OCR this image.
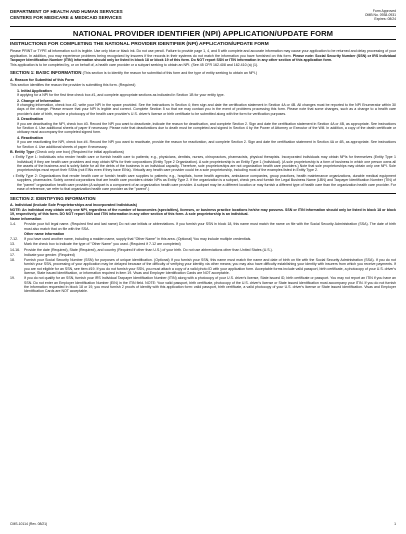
DEPARTMENT OF HEALTH AND HUMAN SERVICES
CENTERS FOR MEDICARE & MEDICAID SERVICES
Form Approved
OMB No. 0938-0931
Expires: 08/24
NATIONAL PROVIDER IDENTIFIER (NPI) APPLICATION/UPDATE FORM
INSTRUCTIONS FOR COMPLETING THE NATIONAL PROVIDER IDENTIFIER (NPI) APPLICATION/UPDATE FORM

Please PRINT or TYPE all information so it is legible. Use only blue or black ink. Do not use pencil. Failure to provide page 1, 4, and 5 with complete and accurate information may cause your application to be returned and delay processing of your application. In addition, you may experience problems being recognized by insurers if the records in their systems do not match the information you have furnished on this form. Please note: Social Security Number (SSN) or IRS Individual Taxpayer Identification Number (ITIN) information should only be listed in block 18 or block 19 of this form. Do NOT report SSN or ITIN information in any other section of this application form.

This application is to be completed by, or on behalf of, a health care provider or a subpart seeking to obtain an NPI. (See 45 CFR 162.408 and 162.410 (a) (1).

SECTION 1: BASIC INFORMATION (This section is to identify the reason for submittal of this form and the type of entity seeking to obtain an NPI.)
A. Reason for Submittal of this Form

This section identifies the reason the provider is submitting this form. (Required)

1. Initial Application

If applying for a NPI for the first time check box #1, and complete appropriate sections as indicated in Section 1B for your entity type.

2. Change of Information

If changing information, check box #2, write your NPI in the space provided. See the instructions in Section 4; then sign and date the certification statement in Section 4A or 4B. All changes must be reported to the NPI Enumerator within 30 days of the change. Please ensure that your NPI is legible and correct. Complete Section 5 so that we may contact you in the event of problems processing this form. Please note that some changes, such as a change to a health care provider's date of birth, require a photocopy of the health care provider's U.S. driver's license or birth certificate to be submitted along with the form for verification purposes.

3. Deactivation

If you are deactivating the NPI, check box #3. Record the NPI you want to deactivate, indicate the reason for deactivation, and complete Section 2. Sign and date the certification statement in Section 4A or 4B, as appropriate. See instructions for Section 4. Use additional sheets of paper if necessary. Please note that deactivations due to death must be completed and signed in Section 4 by the Power of Attorney or Executor of the Will. In addition, a copy of the death certificate or obituary must accompany the completed signed form.

4. Reactivation

If you are reactivating the NPI, check box #4. Record the NPI you want to reactivate, provide the reason for reactivation, and complete Section 2. Sign and date the certification statement in Section 4A or 4B, as appropriate. See instructions for Section 4. Use additional sheets of paper if necessary.

B. Entity Type (Check only one box) (Required for initial applications)

• Entity Type 1: Individuals who render health care or furnish health care to patients; e.g., physicians, dentists, nurses, chiropractors, pharmacists, physical therapists. Incorporated individuals may obtain NPIs for themselves (Entity Type 1 Individual) if they are health care providers and may obtain NPIs for their corporations (Entity Type 2 Organization). A sole proprietorship is an Entity Type 1 (Individual). (A sole proprietorship is a form of business in which one person owns all the assets of the business and is solely liable for all the debts of the business in an individual capacity. Therefore, sole proprietorships are not organization health care providers.) Note that sole proprietorships may obtain only one NPI. Sole proprietorships must report their SSNs (not EINs even if they have EINs). Virtually any health care provider could be a sole proprietorship, including most of the examples listed in Entity Type 2.

• Entity Type 2: Organizations that render health care or furnish health care supplies to patients; e.g., hospitals, home health agencies, ambulance companies, group practices, health maintenance organizations, durable medical equipment suppliers, pharmacies. Solely owned corporations that are health care providers obtain NPIs as Entity Type 2. If the organization is a subpart, check yes and furnish the Legal Business Name (LBN) and Taxpayer Identification Number (TIN) of the "parent" organization health care provider.(A subpart is a component of an organization health care provider. A subpart may be a different location or may furnish a different type of health care than the organization health care provider. For ease of reference, we refer to that organization health care provider as the "parent".)

SECTION 2: IDENTIFYING INFORMATION
A. Individual (Include Sole Proprietorships and Incorporated Individuals)

NOTE: An individual may obtain only one NPI, regardless of the number of taxonomies (specialties), licenses, or business practice locations he/she may possess. SSN or ITIN information should only be listed in block 18 or block 19, respectively, of this form. DO NOT report SSN and ITIN information in any other section of this form. A sole proprietorship is an individual.

Name information
1-4.	Provide your full legal name. (Required first and last name) Do not use initials or abbreviations. If you furnish your SSN in block 18, this name must match the name on file with the Social Security Administration (SSA). The date of birth must also match that on file with the SSA.
Other name information
7-12.	If you have used another name, including a maiden name, supply that "Other Name" in this area. (Optional) You may include multiple credentials.
13.	Mark the check box to indicate the type of "Other Name" you used. (Required if 7-12 are completed)
14-16.	Provide the date (Required), State (Required), and country (Required if other than U.S.) of your birth. Do not use abbreviations other than United States (U.S.).
17.	Indicate your gender. (Required)
18.	Furnish your Social Security Number (SSN) for purposes of unique identification. (Optional) If you furnish your SSN, this name must match the name and date of birth on file with the Social Security Administration (SSA). If you do not furnish your SSN, processing of your application may be delayed because of the difficulty of verifying your identity via other means; you may also have difficulty establishing your identity with insurers from which you receive payments. If you are not eligible for an SSN, see item #19. If you do not furnish your SSN, you must attach a copy of a valid photo ID with your application form. Acceptable forms include valid passport, birth certificate, a photocopy of your U.S. driver's license, State issued identification, or information required in item 19. Visas and Employer Identification Cards are NOT acceptable.
19.	If you do not qualify for an SSN, furnish your IRS Individual Taxpayer Identification Number (ITIN) along with a photocopy of your U.S. driver's license, State issued ID, birth certificate or passport. You may not report an ITIN if you have an SSN. Do not enter an Employer Identification Number (EIN) in the ITIN field. NOTE: Your valid passport, birth certificate, photocopy of the U.S. driver's license or State issued identification must accompany your ITIN. If you do not furnish the information requested in block 18 or 19, you must furnish 2 proofs of identity with this application form: valid passport, birth certificate, a valid photocopy of your U.S. driver's license or State issued identification. Visas and Employer Identification Cards are NOT acceptable.
CMS-10114 (Rev. 08/21)	1
